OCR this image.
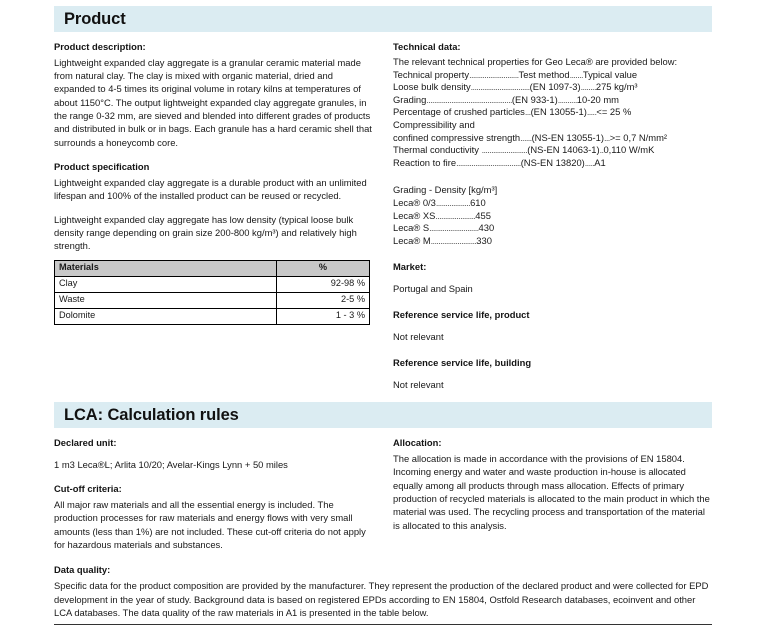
Product
Product description:

Lightweight expanded clay aggregate is a granular ceramic material made from natural clay. The clay is mixed with organic material, dried and expanded to 4-5 times its original volume in rotary kilns at temperatures of about 1150°C. The output lightweight expanded clay aggregate granules, in the range 0-32 mm, are sieved and blended into different grades of products and distributed in bulk or in bags. Each granule has a hard ceramic shell that surrounds a honeycomb core.

Product specification

Lightweight expanded clay aggregate is a durable product with an unlimited lifespan and 100% of the installed product can be reused or recycled.

Lightweight expanded clay aggregate has low density (typical loose bulk density range depending on grain size 200-800 kg/m³) and relatively high strength.

Materials	%
Clay	92-98 %
Waste	2-5 %
Dolomite	1 - 3 %
Technical data:

The relevant technical properties for Geo Leca® are provided below:

Technical property..........................Test method.......Typical value
Loose bulk density...............................(EN 1097-3)........275 kg/m³
Grading.............................................(EN 933-1)..........10-20 mm
Percentage of crushed particles...(EN 13055-1).....<= 25 %
Compressibility and
confined compressive strength......(NS-EN 13055-1)...>= 0,7 N/mm²
Thermal conductivity ........................(NS-EN 14063-1)..0,110 W/mK
Reaction to fire..................................(NS-EN 13820).....A1

Grading - Density [kg/m³]

Leca® 0/3..................610
Leca® XS.....................455
Leca® S..........................430
Leca® M........................330
Market:

Portugal and Spain

Reference service life, product

Not relevant

Reference service life, building

Not relevant

LCA: Calculation rules
Declared unit:

1 m3 Leca®L; Arlita 10/20; Avelar-Kings Lynn + 50 miles

Cut-off criteria:

All major raw materials and all the essential energy is included. The production processes for raw materials and energy flows with very small amounts (less than 1%) are not included. These cut-off criteria do not apply for hazardous materials and substances.

Allocation:

The allocation is made in accordance with the provisions of EN 15804. Incoming energy and water and waste production in-house is allocated equally among all products through mass allocation. Effects of primary production of recycled materials is allocated to the main product in which the material was used. The recycling process and transportation of the material is allocated to this analysis.

Data quality:

Specific data for the product composition are provided by the manufacturer. They represent the production of the declared product and were collected for EPD development in the year of study. Background data is based on registered EPDs according to EN 15804, Ostfold Research databases, ecoinvent and other LCA databases. The data quality of the raw materials in A1 is presented in the table below.
